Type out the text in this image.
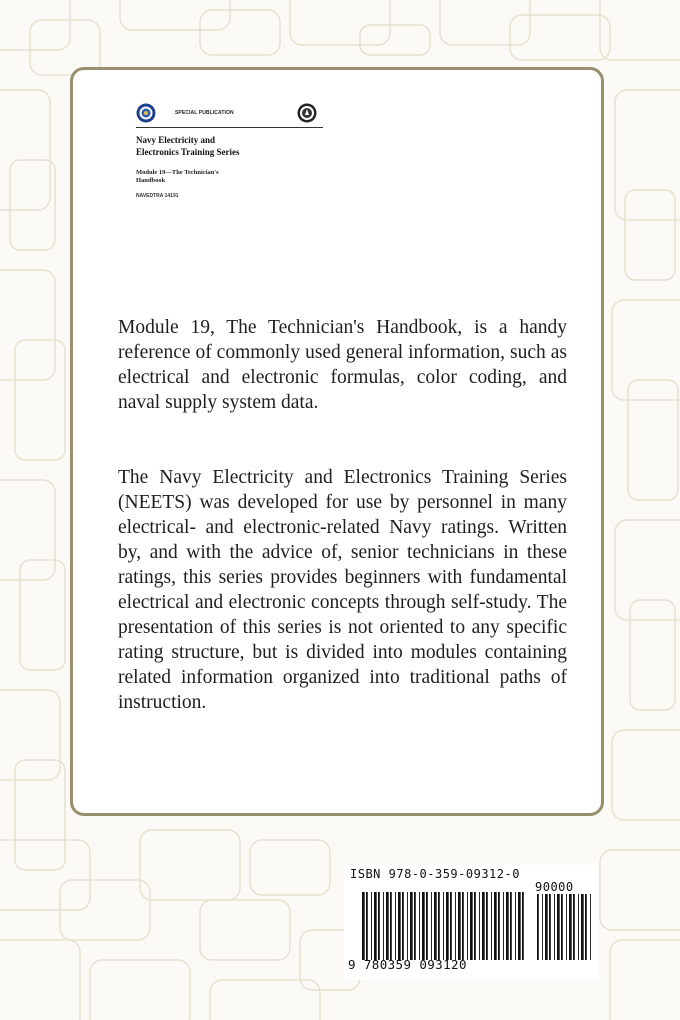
SPECIAL PUBLICATION
Navy Electricity and
Electronics Training Series
Module 19—The Technician's
Handbook
NAVEDTRA 14191

Module 19, The Technician's Handbook, is a handy reference of commonly used general information, such as electrical and electronic formulas, color coding, and naval supply system data.

The Navy Electricity and Electronics Training Series (NEETS) was developed for use by personnel in many electrical- and electronic-related Navy ratings. Written by, and with the advice of, senior technicians in these ratings, this series provides beginners with fundamental electrical and electronic concepts through self-study. The presentation of this series is not oriented to any specific rating structure, but is divided into modules containing related information organized into traditional paths of instruction.

ISBN 978-0-359-09312-0
90000
9 780359 093120
